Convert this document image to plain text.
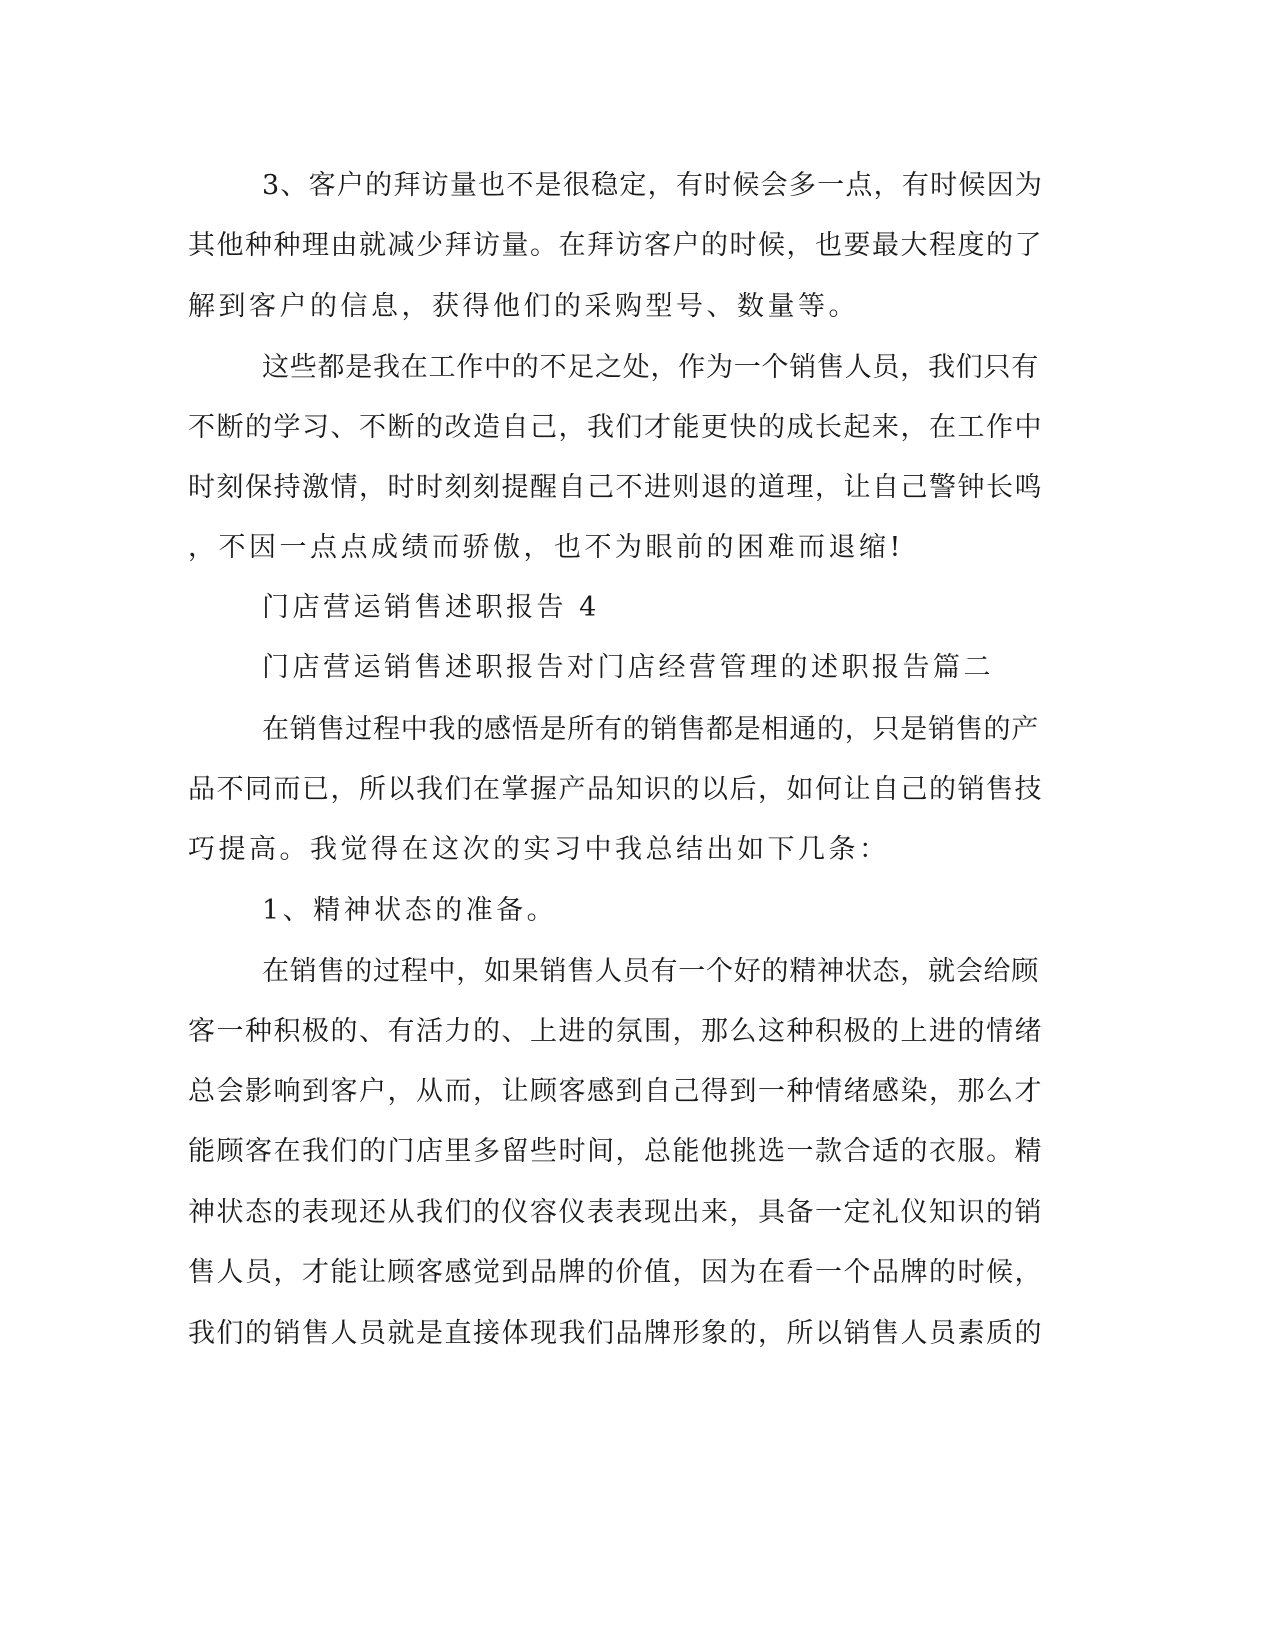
3、客户的拜访量也不是很稳定，有时候会多一点，有时候因为

其他种种理由就减少拜访量。在拜访客户的时候，也要最大程度的了

解到客户的信息，获得他们的采购型号、数量等。

这些都是我在工作中的不足之处，作为一个销售人员，我们只有

不断的学习、不断的改造自己，我们才能更快的成长起来，在工作中

时刻保持激情，时时刻刻提醒自己不进则退的道理，让自己警钟长鸣

，不因一点点成绩而骄傲，也不为眼前的困难而退缩!

门店营运销售述职报告 4

门店营运销售述职报告对门店经营管理的述职报告篇二

在销售过程中我的感悟是所有的销售都是相通的，只是销售的产

品不同而已，所以我们在掌握产品知识的以后，如何让自己的销售技

巧提高。我觉得在这次的实习中我总结出如下几条：

1、精神状态的准备。

在销售的过程中，如果销售人员有一个好的精神状态，就会给顾

客一种积极的、有活力的、上进的氛围，那么这种积极的上进的情绪

总会影响到客户，从而，让顾客感到自己得到一种情绪感染，那么才

能顾客在我们的门店里多留些时间，总能他挑选一款合适的衣服。精

神状态的表现还从我们的仪容仪表表现出来，具备一定礼仪知识的销

售人员，才能让顾客感觉到品牌的价值，因为在看一个品牌的时候，

我们的销售人员就是直接体现我们品牌形象的，所以销售人员素质的
